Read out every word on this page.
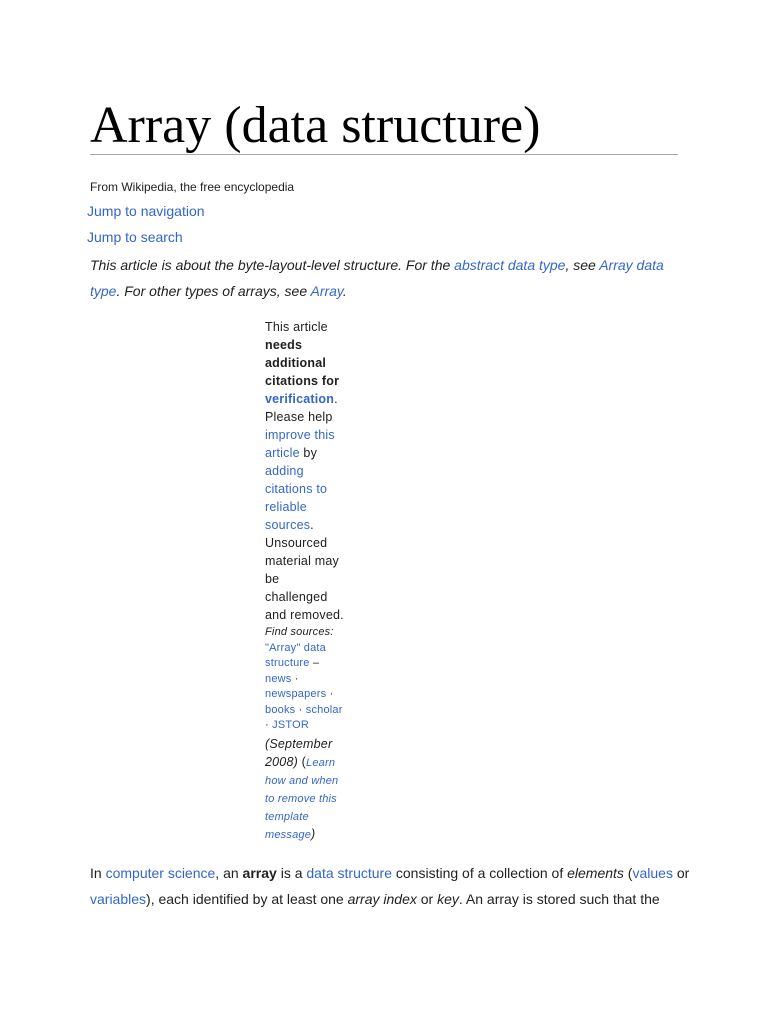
Array (data structure)
From Wikipedia, the free encyclopedia
Jump to navigation
Jump to search
This article is about the byte-layout-level structure. For the abstract data type, see Array data type. For other types of arrays, see Array.
This article needs additional citations for verification. Please help improve this article by adding citations to reliable sources. Unsourced material may be challenged and removed.
Find sources: "Array" data structure – news · newspapers · books · scholar · JSTOR
(September 2008) (Learn how and when to remove this template message)
In computer science, an array is a data structure consisting of a collection of elements (values or variables), each identified by at least one array index or key. An array is stored such that the
